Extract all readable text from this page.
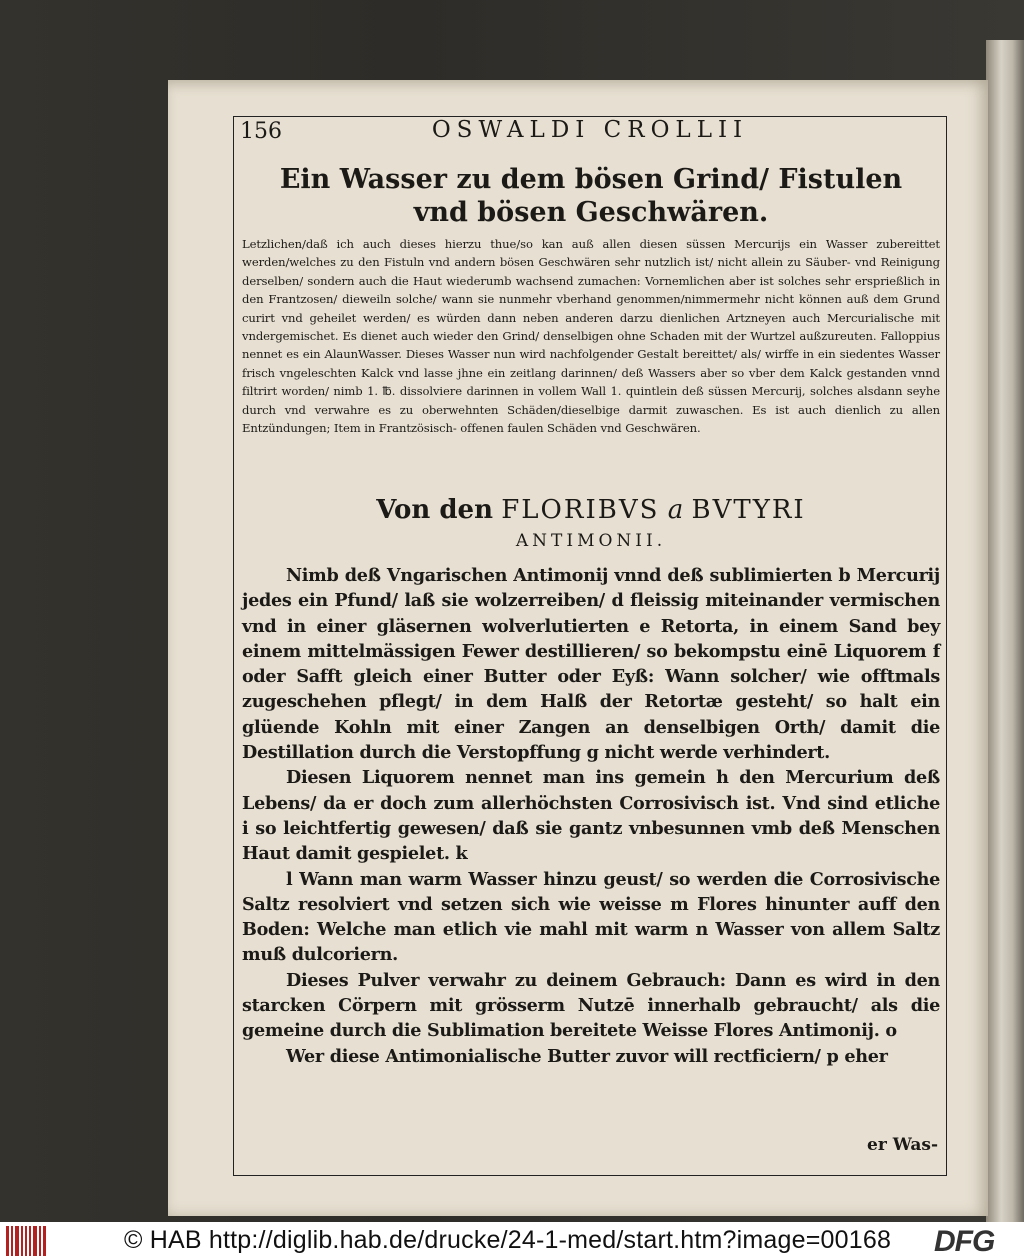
156	OSWALDI CROLLII
Ein Wasser zu dem bösen Grind/ Fistulen vnd bösen Geschwären.
Letzlichen/daß ich auch dieses hierzu thue/so kan auß allen diesen süssen Mercurijs ein Wasser zubereittet werden/welches zu den Fistuln vnd andern bösen Geschwären sehr nutzlich ist/ nicht allein zu Säuber- vnd Reinigung derselben/ sondern auch die Haut wiederumb wachsend zumachen: Vornemlichen aber ist solches sehr ersprießlich in den Frantzosen/ dieweiln solche/ wann sie nunmehr vberhand genommen/nimmermehr nicht können auß dem Grund curirt vnd geheilet werden/ es würden dann neben anderen darzu dienlichen Artzneyen auch Mercurialische mit vndergemischet. Es dienet auch wieder den Grind/ denselbigen ohne Schaden mit der Wurtzel außzureuten. Falloppius nennet es ein AlaunWasser. Dieses Wasser nun wird nachfolgender Gestalt bereittet/ als/ wirffe in ein siedentes Wasser frisch vngeleschten Kalck vnd lasse jhne ein zeitlang darinnen/ deß Wassers aber so vber dem Kalck gestanden vnnd filtrirt worden/ nimb 1. ℔. dissolviere darinnen in vollem Wall 1. quintlein deß süssen Mercurij, solches alsdann seyhe durch vnd verwahre es zu oberwehnten Schäden/dieselbige darmit zuwaschen. Es ist auch dienlich zu allen Entzündungen; Item in Frantzösisch- offenen faulen Schäden vnd Geschwären.
Von den FLORIBVS a BVTYRI
ANTIMONII.

Nimb deß Vngarischen Antimonij vnnd deß sublimierten b Mercurij jedes ein Pfund/ laß sie wolzerreiben/ d fleissig miteinander vermischen vnd in einer gläsernen wolverlutierten e Retorta, in einem Sand bey einem mittelmässigen Fewer destillieren/ so bekompstu einē Liquorem f oder Safft gleich einer Butter oder Eyß: Wann solcher/ wie offtmals zugeschehen pflegt/ in dem Halß der Retortæ gesteht/ so halt ein glüende Kohln mit einer Zangen an denselbigen Orth/ damit die Destillation durch die Verstopffung g nicht werde verhindert.

Diesen Liquorem nennet man ins gemein h den Mercurium deß Lebens/ da er doch zum allerhöchsten Corrosivisch ist. Vnd sind etliche i so leichtfertig gewesen/ daß sie gantz vnbesunnen vmb deß Menschen Haut damit gespielet. k

l Wann man warm Wasser hinzu geust/ so werden die Corrosivische Saltz resolviert vnd setzen sich wie weisse m Flores hinunter auff den Boden: Welche man etlich vie mahl mit warm n Wasser von allem Saltz muß dulcoriern.

Dieses Pulver verwahr zu deinem Gebrauch: Dann es wird in den starcken Cörpern mit grösserm Nutzē innerhalb gebraucht/ als die gemeine durch die Sublimation bereitete Weisse Flores Antimonij. o

Wer diese Antimonialische Butter zuvor will rectficiern/ p eher

er Was-
© HAB http://diglib.hab.de/drucke/24-1-med/start.htm?image=00168 DFG
